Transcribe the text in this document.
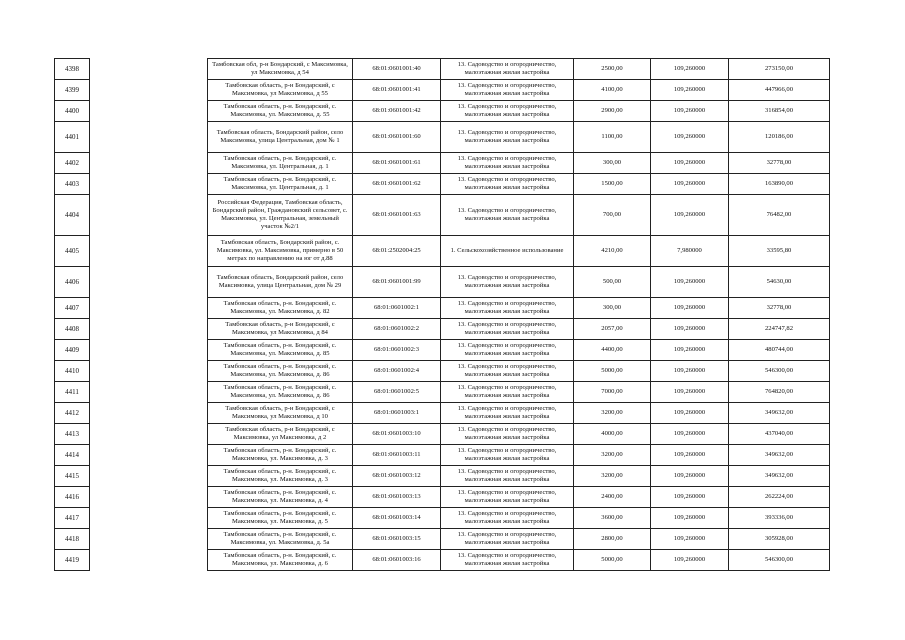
4398		Тамбовская обл, р-н Бондарский, с Максимовка, ул Максимовка, д 54	68:01:0601001:40	13. Садоводство и огородничество, малоэтажная жилая застройка	2500,00	109,260000	273150,00
4399		Тамбовская область, р-н Бондарский, с Максимовка, ул Максимовка, д 55	68:01:0601001:41	13. Садоводство и огородничество, малоэтажная жилая застройка	4100,00	109,260000	447966,00
4400		Тамбовская область, р-н. Бондарский, с. Максимовка, ул. Максимовка, д. 55	68:01:0601001:42	13. Садоводство и огородничество, малоэтажная жилая застройка	2900,00	109,260000	316854,00
4401		Тамбовская область, Бондарский район, село Максимовка, улица Центральная, дом № 1	68:01:0601001:60	13. Садоводство и огородничество, малоэтажная жилая застройка	1100,00	109,260000	120186,00
4402		Тамбовская область, р-н. Бондарский, с. Максимовка, ул. Центральная, д. 1	68:01:0601001:61	13. Садоводство и огородничество, малоэтажная жилая застройка	300,00	109,260000	32778,00
4403		Тамбовская область, р-н. Бондарский, с. Максимовка, ул. Центральная, д. 1	68:01:0601001:62	13. Садоводство и огородничество, малоэтажная жилая застройка	1500,00	109,260000	163890,00
4404		Российская Федерация, Тамбовская область, Бондарский район, Граждановский сельсовет, с. Максимовка, ул. Центральная, земельный участок №2/1	68:01:0601001:63	13. Садоводство и огородничество, малоэтажная жилая застройка	700,00	109,260000	76482,00
4405		Тамбовская область, Бондарский район, с. Максимовка, ул. Максимовка, примерно в 50 метрах по направлению на юг от д.88	68:01:2502004:25	1. Сельскохозяйственное использование	4210,00	7,980000	33595,80
4406		Тамбовская область, Бондарский район, село Максимовка, улица Центральная, дом № 29	68:01:0601001:99	13. Садоводство и огородничество, малоэтажная жилая застройка	500,00	109,260000	54630,00
4407		Тамбовская область, р-н. Бондарский, с. Максимовка, ул. Максимовка, д. 82	68:01:0601002:1	13. Садоводство и огородничество, малоэтажная жилая застройка	300,00	109,260000	32778,00
4408		Тамбовская область, р-н Бондарский, с Максимовка, ул Максимовка, д 84	68:01:0601002:2	13. Садоводство и огородничество, малоэтажная жилая застройка	2057,00	109,260000	224747,82
4409		Тамбовская область, р-н. Бондарский, с. Максимовка, ул. Максимовка, д. 85	68:01:0601002:3	13. Садоводство и огородничество, малоэтажная жилая застройка	4400,00	109,260000	480744,00
4410		Тамбовская область, р-н. Бондарский, с. Максимовка, ул. Максимовка, д. 86	68:01:0601002:4	13. Садоводство и огородничество, малоэтажная жилая застройка	5000,00	109,260000	546300,00
4411		Тамбовская область, р-н. Бондарский, с. Максимовка, ул. Максимовка, д. 86	68:01:0601002:5	13. Садоводство и огородничество, малоэтажная жилая застройка	7000,00	109,260000	764820,00
4412		Тамбовская область, р-н Бондарский, с Максимовка, ул Максимовка, д 10	68:01:0601003:1	13. Садоводство и огородничество, малоэтажная жилая застройка	3200,00	109,260000	349632,00
4413		Тамбовская область, р-н Бондарский, с Максимовка, ул Максимовка, д 2	68:01:0601003:10	13. Садоводство и огородничество, малоэтажная жилая застройка	4000,00	109,260000	437040,00
4414		Тамбовская область, р-н. Бондарский, с. Максимовка, ул. Максимовка, д. 3	68:01:0601003:11	13. Садоводство и огородничество, малоэтажная жилая застройка	3200,00	109,260000	349632,00
4415		Тамбовская область, р-н. Бондарский, с. Максимовка, ул. Максимовка, д. 3	68:01:0601003:12	13. Садоводство и огородничество, малоэтажная жилая застройка	3200,00	109,260000	349632,00
4416		Тамбовская область, р-н. Бондарский, с. Максимовка, ул. Максимовка, д. 4	68:01:0601003:13	13. Садоводство и огородничество, малоэтажная жилая застройка	2400,00	109,260000	262224,00
4417		Тамбовская область, р-н. Бондарский, с. Максимовка, ул. Максимовка, д. 5	68:01:0601003:14	13. Садоводство и огородничество, малоэтажная жилая застройка	3600,00	109,260000	393336,00
4418		Тамбовская область, р-н. Бондарский, с. Максимовка, ул. Максимовка, д. 5а	68:01:0601003:15	13. Садоводство и огородничество, малоэтажная жилая застройка	2800,00	109,260000	305928,00
4419		Тамбовская область, р-н. Бондарский, с. Максимовка, ул. Максимовка, д. 6	68:01:0601003:16	13. Садоводство и огородничество, малоэтажная жилая застройка	5000,00	109,260000	546300,00
